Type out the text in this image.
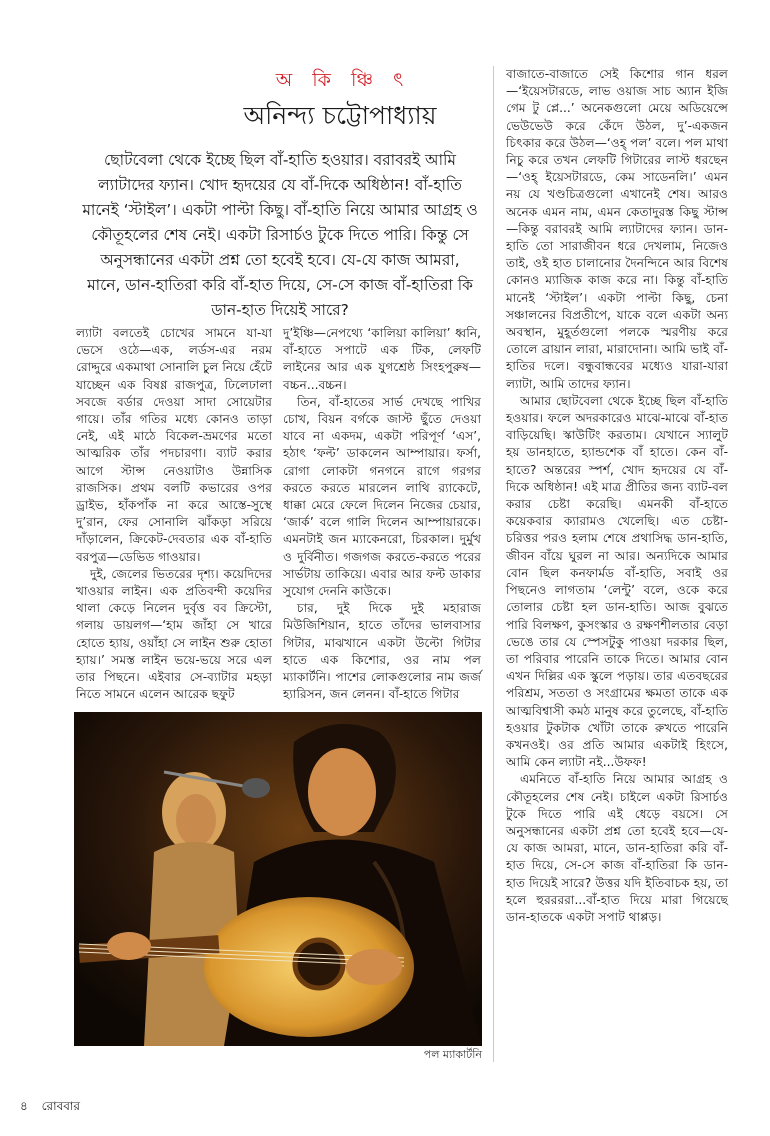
অ কি ঞ্চি ৎ
অনিন্দ্য চট্টোপাধ্যায়
ছোটবেলা থেকে ইচ্ছে ছিল বাঁ-হাতি হওয়ার। বরাবরই আমি ল্যাটাদের ফ্যান। খোদ হৃদয়ের যে বাঁ-দিকে অধিষ্ঠান! বাঁ-হাতি মানেই ‘স্টাইল’। একটা পাল্টা কিছু। বাঁ-হাতি নিয়ে আমার আগ্রহ ও কৌতূহলের শেষ নেই। একটা রিসার্চও টুকে দিতে পারি। কিন্তু সে অনুসন্ধানের একটা প্রশ্ন তো হবেই হবে। যে-যে কাজ আমরা, মানে, ডান-হাতিরা করি বাঁ-হাত দিয়ে, সে-সে কাজ বাঁ-হাতিরা কি ডান-হাত দিয়েই সারে?

ল্যাটা বলতেই চোখের সামনে যা-যা ভেসে ওঠে—এক, লর্ডস-এর নরম রোদ্দুরে একমাথা সোনালি চুল নিয়ে হেঁটে যাচ্ছেন এক বিষণ্ণ রাজপুত্র, ঢিলেঢালা সবজে বর্ডার দেওয়া সাদা সোয়েটার গায়ে। তাঁর গতির মধ্যে কোনও তাড়া নেই, এই মাঠে বিকেল-ভ্রমণের মতো আত্মরিক তাঁর পদচারণা। ব্যাট করার আগে স্টান্স নেওয়াটাও উন্নাসিক রাজসিক। প্রথম বলটি কভারের ওপর ড্রাইভ, হাঁকপাঁক না করে আস্তে-সুস্থে দু’রান, ফের সোনালি ঝাঁকড়া সরিয়ে দাঁড়ালেন, ক্রিকেট-দেবতার এক বাঁ-হাতি বরপুত্র—ডেভিড গাওয়ার।

দুই, জেলের ভিতরের দৃশ্য। কয়েদিদের খাওয়ার লাইন। এক প্রতিবন্দী কয়েদির থালা কেড়ে নিলেন দুর্বৃত্ত বব ক্রিস্টো, গলায় ডায়লগ—‘হাম জাঁহা সে খারে হোতে হ্যায়, ওয়াঁহা সে লাইন শুরু হোতা হ্যায়।’ সমস্ত লাইন ভয়ে-ভয়ে সরে এল তার পিছনে। এইবার সে-ব্যাটার মহড়া নিতে সামনে এলেন আরেক ছফুট

দু’ইঞ্চি—নেপথ্যে ‘কালিয়া কালিয়া’ ধ্বনি, বাঁ-হাতে সপাটে এক টিক, লেফটি লাইনের আর এক যুগশ্রেষ্ঠ সিংহপুরুষ—বচ্চন...বচ্চন।

তিন, বাঁ-হাতের সার্ভ দেখছে পাখির চোখ, বিয়ন বর্গকে জাস্ট ছুঁতে দেওয়া যাবে না একদম, একটা পরিপূর্ণ ‘এস’, হঠাৎ ‘ফল্ট’ ডাকলেন আম্পায়ার। ফর্সা, রোগা লোকটা গনগনে রাগে গরগর করতে করতে মারলেন লাথি র‍্যাকেটে, ধাক্কা মেরে ফেলে দিলেন নিজের চেয়ার, ‘জার্ক’ বলে গালি দিলেন আম্পায়ারকে। এমনটাই জন ম্যাকেনরো, চিরকাল। দুর্মুখ ও দুর্বিনীত। গজগজ করতে-করতে পরের সার্ভটায় তাকিয়ে। এবার আর ফল্ট ডাকার সুযোগ দেননি কাউকে।

চার, দুই দিকে দুই মহারাজ মিউজিশিয়ান, হাতে তাঁদের ভালবাসার গিটার, মাঝখানে একটা উল্টো গিটার হাতে এক কিশোর, ওর নাম পল ম্যাকার্টনি। পাশের লোকগুলোর নাম জর্জ হ্যারিসন, জন লেনন। বাঁ-হাতে গিটার

বাজাতে-বাজাতে সেই কিশোর গান ধরল—‘ইয়েসটারডে, লাভ ওয়াজ সাচ অ্যান ইজি গেম টু প্লে...’ অনেকগুলো মেয়ে অডিয়েন্সে ভেউভেউ করে কেঁদে উঠল, দু’-একজন চিৎকার করে উঠল—‘ওহ্‌ পল’ বলে। পল মাথা নিচু করে তখন লেফটি গিটারের লাস্ট ধরছেন—‘ওহ্‌ ইয়েসটারডে, কেম সাডেনলি।’ এমন নয় যে খণ্ডচিত্রগুলো এখানেই শেষ। আরও অনেক এমন নাম, এমন কেতাদুরস্ত কিছু স্টান্স—কিন্তু বরাবরই আমি ল্যাটাদের ফ্যান। ডান-হাতি তো সারাজীবন ধরে দেখলাম, নিজেও তাই, ওই হাত চালানোর দৈনন্দিনে আর বিশেষ কোনও ম্যাজিক কাজ করে না। কিন্তু বাঁ-হাতি মানেই ‘স্টাইল’। একটা পাল্টা কিছু, চেনা সঞ্চালনের বিপ্রতীপে, যাকে বলে একটা অন্য অবস্থান, মুহূর্তগুলো পলকে স্মরণীয় করে তোলে ব্রায়ান লারা, মারাদোনা। আমি ভাই বাঁ-হাতির দলে। বন্ধুবান্ধবের মধ্যেও যারা-যারা ল্যাটা, আমি তাদের ফ্যান।

আমার ছোটবেলা থেকে ইচ্ছে ছিল বাঁ-হাতি হওয়ার। ফলে অদরকারেও মাঝে-মাঝে বাঁ-হাত বাড়িয়েছি। স্কাউটিং করতাম। যেখানে স্যালুট হয় ডানহাতে, হ্যান্ডশেক বাঁ হাতে। কেন বাঁ-হাতে? অন্তরের স্পর্শ, খোদ হৃদয়ের যে বাঁ-দিকে অধিষ্ঠান! এই মাত্র প্রীতির জন্য ব্যাট-বল করার চেষ্টা করেছি। এমনকী বাঁ-হাতে কয়েকবার ক্যারামও খেলেছি। এত চেষ্টা-চরিত্তর পরও হলাম শেষে প্রথাসিদ্ধ ডান-হাতি, জীবন বাঁয়ে ঘুরল না আর। অন্যদিকে আমার বোন ছিল কনফার্মড বাঁ-হাতি, সবাই ওর পিছনেও লাগতাম ‘লেন্টু’ বলে, ওকে করে তোলার চেষ্টা হল ডান-হাতি। আজ বুঝতে পারি বিলক্ষণ, কুসংস্কার ও রক্ষণশীলতার বেড়া ভেঙে তার যে স্পেসটুকু পাওয়া দরকার ছিল, তা পরিবার পারেনি তাকে দিতে। আমার বোন এখন দিল্লির এক স্কুলে পড়ায়। তার এতবছরের পরিশ্রম, সততা ও সংগ্রামের ক্ষমতা তাকে এক আত্মবিশ্বাসী কমঠ মানুষ করে তুলেছে, বাঁ-হাতি হওয়ার টুকটাক খোঁটা তাকে রুখতে পারেনি কখনওই। ওর প্রতি আমার একটাই হিংসে, আমি কেন ল্যাটা নই...উফফ!

এমনিতে বাঁ-হাতি নিয়ে আমার আগ্রহ ও কৌতূহলের শেষ নেই। চাইলে একটা রিসার্চও টুকে দিতে পারি এই ধেড়ে বয়সে। সে অনুসন্ধানের একটা প্রশ্ন তো হবেই হবে—যে-যে কাজ আমরা, মানে, ডান-হাতিরা করি বাঁ-হাত দিয়ে, সে-সে কাজ বাঁ-হাতিরা কি ডান-হাত দিয়েই সারে? উত্তর যদি ইতিবাচক হয়, তা হলে হুররররা...বাঁ-হাত দিয়ে মারা গিয়েছে ডান-হাতকে একটা সপাট থাপ্পড়।

পল ম্যাকার্টনি
৪ রোববার
